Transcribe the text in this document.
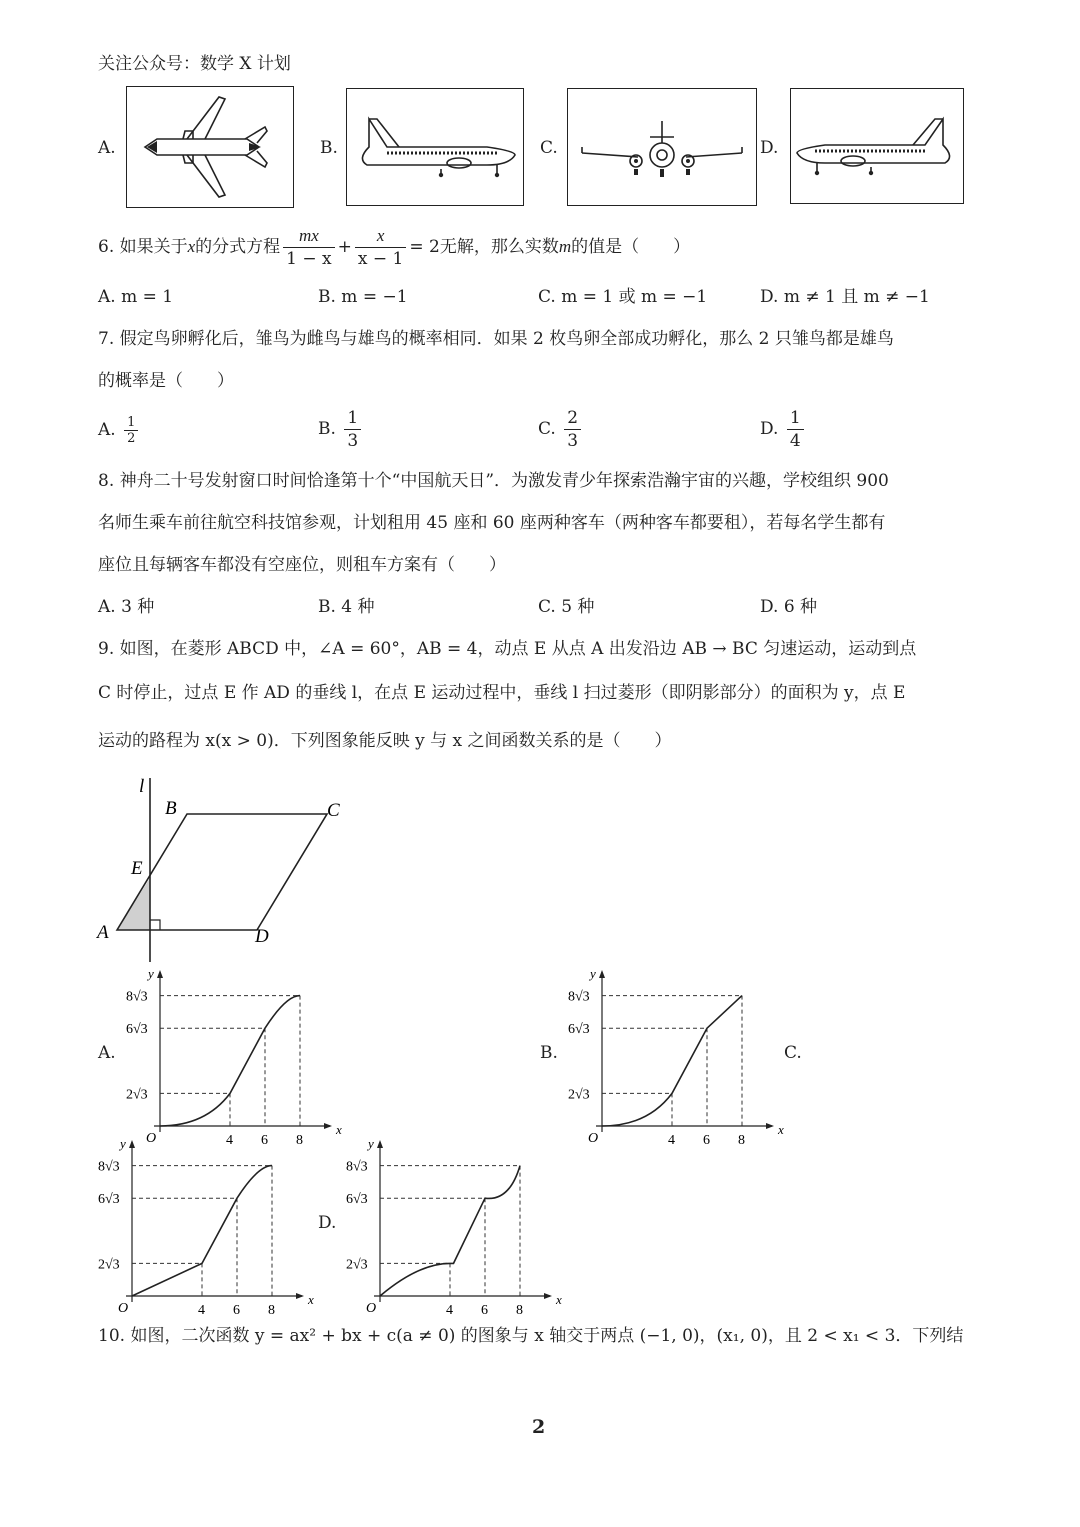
关注公众号：数学 X 计划
A.	B.	C.	D.
6. 如果关于x的分式方程 $\frac{mx}{1 - x} + \frac{x}{x - 1} = 2$无解，那么实数m的值是（　　）
A. m = 1	B. m = −1	C. m = 1 或 m = −1	D. m ≠ 1 且 m ≠ −1
7. 假定鸟卵孵化后，雏鸟为雌鸟与雄鸟的概率相同．如果 2 枚鸟卵全部成功孵化，那么 2 只雏鸟都是雄鸟
的概率是（　　）
A. $\frac{1}{2}$	B. $\frac{1}{3}$	C. $\frac{2}{3}$	D. $\frac{1}{4}$
8. 神舟二十号发射窗口时间恰逢第十个“中国航天日”．为激发青少年探索浩瀚宇宙的兴趣，学校组织 900
名师生乘车前往航空科技馆参观，计划租用 45 座和 60 座两种客车（两种客车都要租），若每名学生都有
座位且每辆客车都没有空座位，则租车方案有（　　）
A. 3 种	B. 4 种	C. 5 种	D. 6 种
9. 如图，在菱形 ABCD 中，∠A = 60°，AB = 4，动点 E 从点 A 出发沿边 AB → BC 匀速运动，运动到点
C 时停止，过点 E 作 AD 的垂线 l，在点 E 运动过程中，垂线 l 扫过菱形（即阴影部分）的面积为 y，点 E
运动的路程为 x(x > 0)．下列图象能反映 y 与 x 之间函数关系的是（　　）
l
B	C
E
A	D
A.	B.	C.
D.
x
y
O
2√3
6√3
8√3
4 6 8
x
y
O
2√3
6√3
8√3
4 6 8
x
y
O
2√3
6√3
8√3
4 6 8
x
y
O
2√3
6√3
8√3
4 6 8
10. 如图，二次函数 y = ax² + bx + c(a ≠ 0) 的图象与 x 轴交于两点 (−1, 0)，(x₁, 0)，且 2 < x₁ < 3．下列结
2
